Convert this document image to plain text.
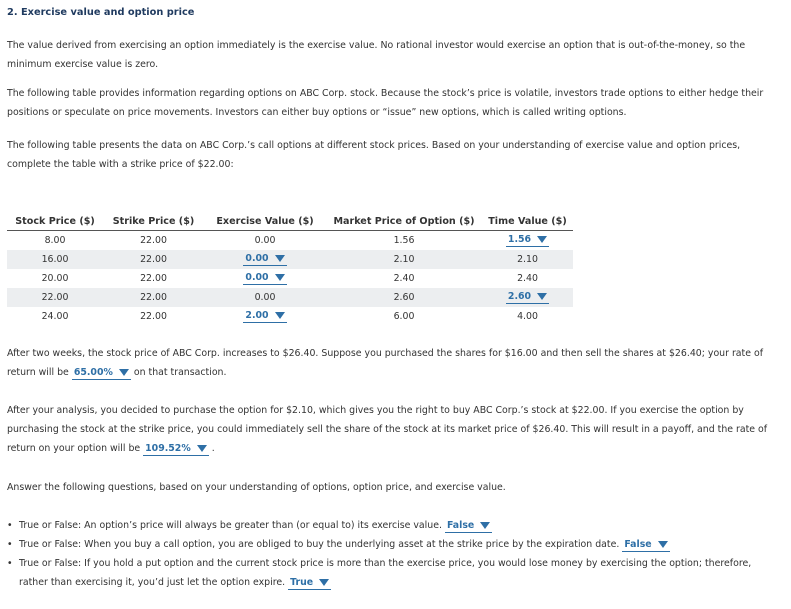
2. Exercise value and option price
The value derived from exercising an option immediately is the exercise value. No rational investor would exercise an option that is out-of-the-money, so the minimum exercise value is zero.
The following table provides information regarding options on ABC Corp. stock. Because the stock’s price is volatile, investors trade options to either hedge their positions or speculate on price movements. Investors can either buy options or “issue” new options, which is called writing options.
The following table presents the data on ABC Corp.’s call options at different stock prices. Based on your understanding of exercise value and option prices, complete the table with a strike price of $22.00:
Stock Price ($)	Strike Price ($)	Exercise Value ($)	Market Price of Option ($)	Time Value ($)
8.00	22.00	0.00	1.56	1.56
16.00	22.00	0.00	2.10	2.10
20.00	22.00	0.00	2.40	2.40
22.00	22.00	0.00	2.60	2.60
24.00	22.00	2.00	6.00	4.00
After two weeks, the stock price of ABC Corp. increases to $26.40. Suppose you purchased the shares for $16.00 and then sell the shares at $26.40; your rate of return will be 65.00% on that transaction.
After your analysis, you decided to purchase the option for $2.10, which gives you the right to buy ABC Corp.’s stock at $22.00. If you exercise the option by purchasing the stock at the strike price, you could immediately sell the share of the stock at its market price of $26.40. This will result in a payoff, and the rate of return on your option will be 109.52% .
Answer the following questions, based on your understanding of options, option price, and exercise value.
• True or False: An option’s price will always be greater than (or equal to) its exercise value. False
• True or False: When you buy a call option, you are obliged to buy the underlying asset at the strike price by the expiration date. False
• True or False: If you hold a put option and the current stock price is more than the exercise price, you would lose money by exercising the option; therefore, rather than exercising it, you’d just let the option expire. True
